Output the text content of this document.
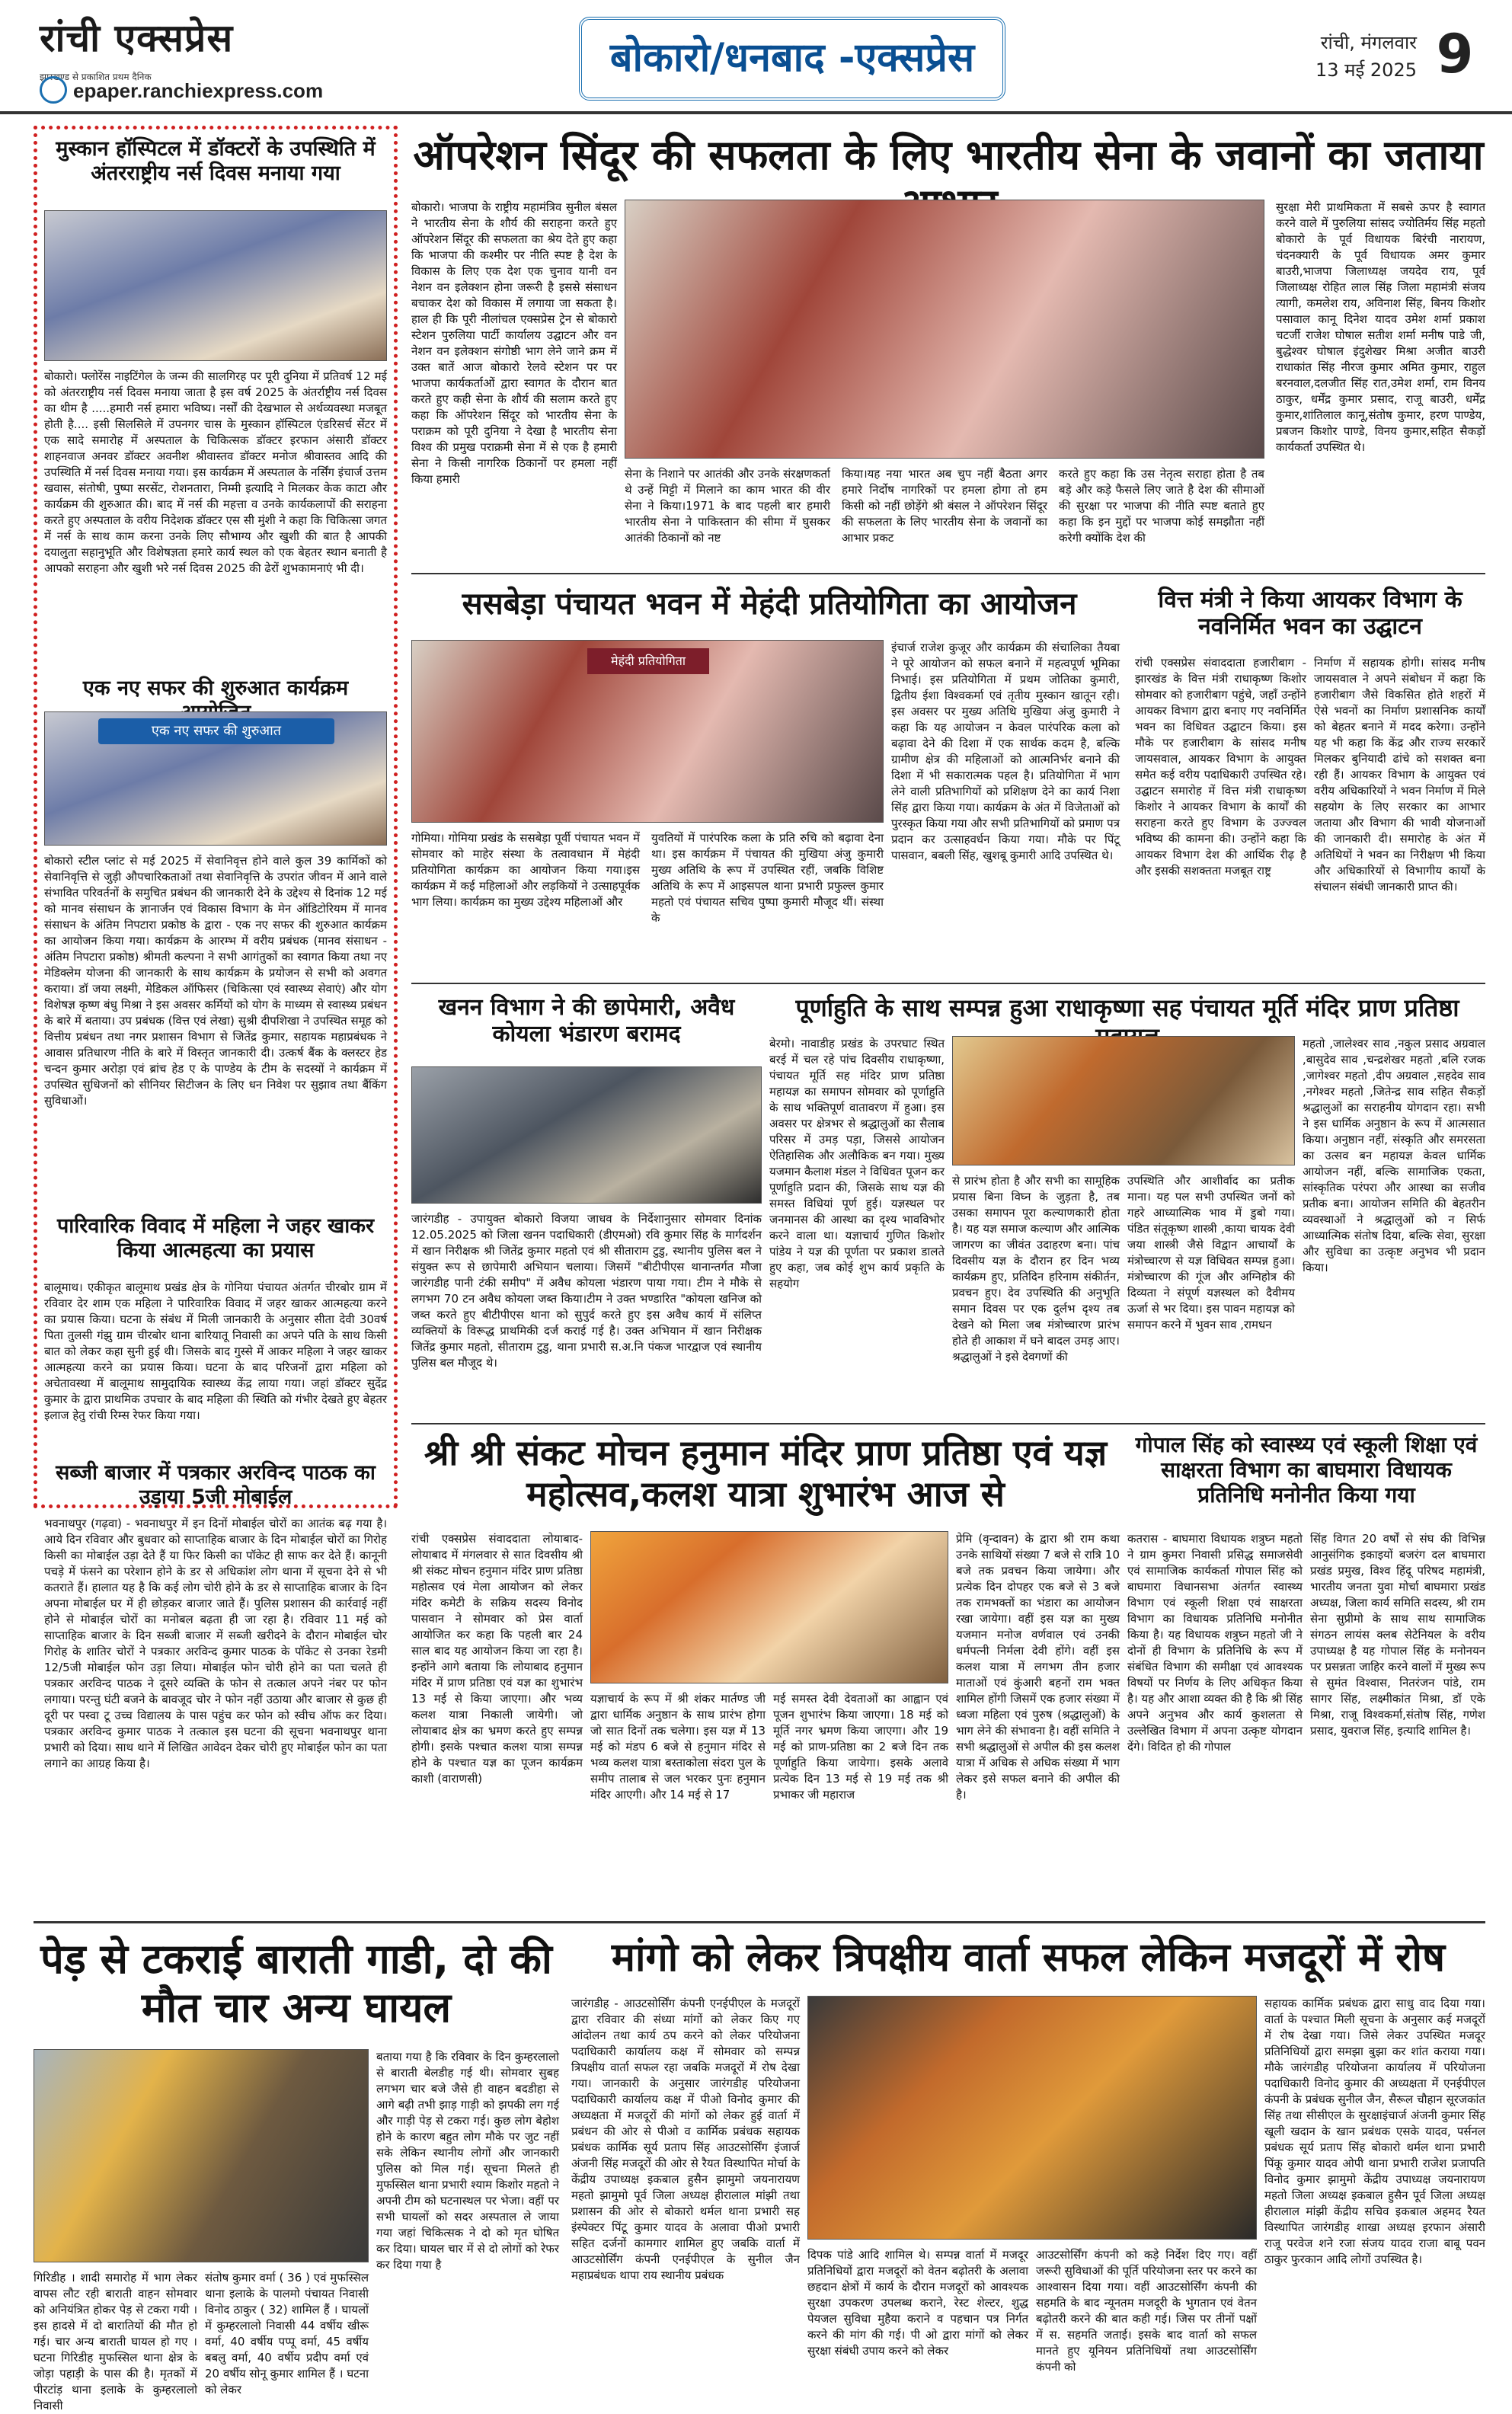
रांची एक्सप्रेस
झारखण्ड से प्रकाशित प्रथम दैनिक
epaper.ranchiexpress.com
बोकारो/धनबाद -एक्सप्रेस	रांची, मंगलवार
13 मई 2025 9
मुस्कान हॉस्पिटल में डॉक्टरों के उपस्थिति में अंतरराष्ट्रीय नर्स दिवस मनाया गया
बोकारो। फ्लोरेंस नाइटिंगेल के जन्म की सालगिरह पर पूरी दुनिया में प्रतिवर्ष 12 मई को अंतरराष्ट्रीय नर्स दिवस मनाया जाता है इस वर्ष 2025 के अंतर्राष्ट्रीय नर्स दिवस का थीम है .....हमारी नर्स हमारा भविष्य। नर्सों की देखभाल से अर्थव्यवस्था मजबूत होती है.... इसी सिलसिले में उपनगर चास के मुस्कान हॉस्पिटल एंडरिसर्च सेंटर में एक सादे समारोह में अस्पताल के चिकित्सक डॉक्टर इरफान अंसारी डॉक्टर शाहनवाज अनवर डॉक्टर अवनीश श्रीवास्तव डॉक्टर मनोज श्रीवास्तव आदि की उपस्थिति में नर्स दिवस मनाया गया। इस कार्यक्रम में अस्पताल के नर्सिंग इंचार्ज उत्तम खवास, संतोषी, पुष्पा सरसेंट, रोशनतारा, निम्मी इत्यादि ने मिलकर केक काटा और कार्यक्रम की शुरुआत की। बाद में नर्स की महत्ता व उनके कार्यकलापों की सराहना करते हुए अस्पताल के वरीय निदेशक डॉक्टर एस सी मुंशी ने कहा कि चिकित्सा जगत में नर्स के साथ काम करना उनके लिए सौभाग्य और खुशी की बात है आपकी दयालुता सहानुभूति और विशेषज्ञता हमारे कार्य स्थल को एक बेहतर स्थान बनाती है आपको सराहना और खुशी भरे नर्स दिवस 2025 की ढेरों शुभकामनाएं भी दी।
एक नए सफर की शुरुआत कार्यक्रम
एक नए सफर की शुरुआत
बोकारो स्टील प्लांट से मई 2025 में सेवानिवृत्त होने वाले कुल 39 कार्मिकों को सेवानिवृत्ति से जुड़ी औपचारिकताओं तथा सेवानिवृत्ति के उपरांत जीवन में आने वाले संभावित परिवर्तनों के समुचित प्रबंधन की जानकारी देने के उद्देश्य से दिनांक 12 मई को मानव संसाधन के ज्ञानार्जन एवं विकास विभाग के मेन ऑडिटोरियम में मानव संसाधन के अंतिम निपटारा प्रकोष्ठ के द्वारा - एक नए सफर की शुरुआत कार्यक्रम का आयोजन किया गया। कार्यक्रम के आरम्भ में वरीय प्रबंधक (मानव संसाधन - अंतिम निपटारा प्रकोष्ठ) श्रीमती कल्पना ने सभी आगंतुकों का स्वागत किया तथा नए मेडिक्लेम योजना की जानकारी के साथ कार्यक्रम के प्रयोजन से सभी को अवगत कराया। डॉ जया लक्ष्मी, मेडिकल ऑफिसर (चिकित्सा एवं स्वास्थ्य सेवाएं) और योग विशेषज्ञ कृष्ण बंधु मिश्रा ने इस अवसर कर्मियों को योग के माध्यम से स्वास्थ्य प्रबंधन के बारे में बताया। उप प्रबंधक (वित्त एवं लेखा) सुश्री दीपशिखा ने उपस्थित समूह को वित्तीय प्रबंधन तथा नगर प्रशासन विभाग से जितेंद्र कुमार, सहायक महाप्रबंधक ने आवास प्रतिधारण नीति के बारे में विस्तृत जानकारी दी। उत्कर्ष बैंक के क्लस्टर हेड चन्दन कुमार अरोड़ा एवं ब्रांच हेड ए के पाण्डेय के टीम के सदस्यों ने कार्यक्रम में उपस्थित सुधिजनों को सीनियर सिटीजन के लिए धन निवेश पर सुझाव तथा बैंकिंग सुविधाओं।
पारिवारिक विवाद में महिला ने जहर खाकर किया आत्महत्या का प्रयास
बालूमाथ। एकीकृत बालूमाथ प्रखंड क्षेत्र के गोनिया पंचायत अंतर्गत चीरबोर ग्राम में रविवार देर शाम एक महिला ने पारिवारिक विवाद में जहर खाकर आत्महत्या करने का प्रयास किया। घटना के संबंध में मिली जानकारी के अनुसार सीता देवी 30वर्ष पिता तुलसी गंझु ग्राम चीरबोर थाना बारियातू निवासी का अपने पति के साथ किसी बात को लेकर कहा सुनी हुई थी। जिसके बाद गुस्से में आकर महिला ने जहर खाकर आत्महत्या करने का प्रयास किया। घटना के बाद परिजनों द्वारा महिला को अचेतावस्था में बालूमाथ सामुदायिक स्वास्थ्य केंद्र लाया गया। जहां डॉक्टर सुदेंद्र कुमार के द्वारा प्राथमिक उपचार के बाद महिला की स्थिति को गंभीर देखते हुए बेहतर इलाज हेतु रांची रिम्स रेफर किया गया।
सब्जी बाजार में पत्रकार अरविन्द पाठक का उड़ाया 5जी मोबाईल
भवनाथपुर (गढ़वा) - भवनाथपुर में इन दिनों मोबाईल चोरों का आतंक बढ़ गया है।आये दिन रविवार और बुधवार को साप्ताहिक बाजार के दिन मोबाईल चोरों का गिरोह किसी का मोबाईल उड़ा देते हैं या फिर किसी का पॉकेट ही साफ कर देते हैं। कानूनी पचड़े में फंसने का परेशान होने के डर से अधिकांश लोग थाना में सूचना देने से भी कतराते हैं। हालात यह है कि कई लोग चोरी होने के डर से साप्ताहिक बाजार के दिन अपना मोबाईल घर में ही छोड़कर बाजार जाते हैं। पुलिस प्रशासन की कार्रवाई नहीं होने से मोबाईल चोरों का मनोबल बढ़ता ही जा रहा है। रविवार 11 मई को साप्ताहिक बाजार के दिन सब्जी बाजार में सब्जी खरीदने के दौरान मोबाईल चोर गिरोह के शातिर चोरों ने पत्रकार अरविन्द कुमार पाठक के पॉकेट से उनका रेडमी 12/5जी मोबाईल फोन उड़ा लिया। मोबाईल फोन चोरी होने का पता चलते ही पत्रकार अरविन्द पाठक ने दूसरे व्यक्ति के फोन से तत्काल अपने नंबर पर फोन लगाया। परन्तु घंटी बजने के बावजूद चोर ने फोन नहीं उठाया और बाजार से कुछ ही दूरी पर पस्वा टू उच्च विद्यालय के पास पहुंच कर फोन को स्वीच ऑफ कर दिया। पत्रकार अरविन्द कुमार पाठक ने तत्काल इस घटना की सूचना भवनाथपुर थाना प्रभारी को दिया। साथ थाने में लिखित आवेदन देकर चोरी हुए मोबाईल फोन का पता लगाने का आग्रह किया है।
ऑपरेशन सिंदूर की सफलता के लिए भारतीय सेना के जवानों का जताया
बोकारो। भाजपा के राष्ट्रीय महामंत्रिव सुनील बंसल ने भारतीय सेना के शौर्य की सराहना करते हुए ऑपरेशन सिंदूर की सफलता का श्रेय देते हुए कहा कि भाजपा की कश्मीर पर नीति स्पष्ट है देश के विकास के लिए एक देश एक चुनाव यानी वन नेशन वन इलेक्शन होना जरूरी है इससे संसाधन बचाकर देश को विकास में लगाया जा सकता है। हाल ही कि पूरी नीलांचल एक्सप्रेस ट्रेन से बोकारो स्टेशन पुरुलिया पार्टी कार्यालय उद्घाटन और वन नेशन वन इलेक्शन संगोष्ठी भाग लेने जाने क्रम में उक्त बातें आज बोकारो रेलवे स्टेशन पर पर भाजपा कार्यकर्ताओं द्वारा स्वागत के दौरान बात करते हुए कही सेना के शौर्य की सलाम करते हुए कहा कि ऑपरेशन सिंदूर को भारतीय सेना के पराक्रम को पूरी दुनिया ने देखा है भारतीय सेना विश्व की प्रमुख पराक्रमी सेना में से एक है हमारी सेना ने किसी नागरिक ठिकानों पर हमला नहीं किया हमारी	सेना के निशाने पर आतंकी और उनके संरक्षणकर्ता थे उन्हें मिट्टी में मिलाने का काम भारत की वीर सेना ने किया।1971 के बाद पहली बार हमारी भारतीय सेना ने पाकिस्तान की सीमा में घुसकर आतंकी ठिकानों को नष्ट
किया।यह नया भारत अब चुप नहीं बैठता अगर हमारे निर्दोष नागरिकों पर हमला होगा तो हम किसी को नहीं छोड़ेंगे श्री बंसल ने ऑपरेशन सिंदूर की सफलता के लिए भारतीय सेना के जवानों का आभार प्रकट
करते हुए कहा कि उस नेतृत्व सराहा होता है तब बड़े और कड़े फैसले लिए जाते है देश की सीमाओं की सुरक्षा पर भाजपा की नीति स्पष्ट बताते हुए कहा कि इन मुद्दों पर भाजपा कोई समझौता नहीं करेगी क्योंकि देश की
सुरक्षा मेरी प्राथमिकता में सबसे ऊपर है स्वागत करने वाले में पुरुलिया सांसद ज्योतिर्मय सिंह महतो बोकारो के पूर्व विधायक बिरंची नारायण, चंदनक्यारी के पूर्व विधायक अमर कुमार बाउरी,भाजपा जिलाध्यक्ष जयदेव राय, पूर्व जिलाध्यक्ष रोहित लाल सिंह जिला महामंत्री संजय त्यागी, कमलेश राय, अविनाश सिंह, बिनय किशोर पसावाल कानू दिनेश यादव उमेश शर्मा प्रकाश चटर्जी राजेश घोषाल सतीश शर्मा मनीष पाडे जी, बुद्धेश्वर घोषाल इंदुशेखर मिश्रा अजीत बाउरी राधाकांत सिंह नीरज कुमार अमित कुमार, राहुल बरनवाल,दलजीत सिंह रात,उमेश शर्मा, राम विनय ठाकुर, धर्मेंद्र कुमार प्रसाद, राजू बाउरी, धर्मेंद्र कुमार,शांतिलाल कानू,संतोष कुमार, हरण पाण्डेय, प्रबजन किशोर पाण्डे, विनय कुमार,सहित सैकड़ों कार्यकर्ता उपस्थित थे।
ससबेड़ा पंचायत भवन में मेहंदी प्रतियोगिता का आयोजन
मेहंदी प्रतियोगिता
गोमिया। गोमिया प्रखंड के ससबेड़ा पूर्वी पंचायत भवन में सोमवार को माहेर संस्था के तत्वावधान में मेहंदी प्रतियोगिता कार्यक्रम का आयोजन किया गया।इस कार्यक्रम में कई महिलाओं और लड़कियों ने उत्साहपूर्वक भाग लिया। कार्यक्रम का मुख्य उद्देश्य महिलाओं और
युवतियों में पारंपरिक कला के प्रति रुचि को बढ़ावा देना था। इस कार्यक्रम में पंचायत की मुखिया अंजु कुमारी मुख्य अतिथि के रूप में उपस्थित रहीं, जबकि विशिष्ट अतिथि के रूप में आइसपल थाना प्रभारी प्रफुल्ल कुमार महतो एवं पंचायत सचिव पुष्पा कुमारी मौजूद थीं। संस्था के
इंचार्ज राजेश कुजूर और कार्यक्रम की संचालिका तैयबा ने पूरे आयोजन को सफल बनाने में महत्वपूर्ण भूमिका निभाई। इस प्रतियोगिता में प्रथम जोतिका कुमारी, द्वितीय ईशा विश्वकर्मा एवं तृतीय मुस्कान खातून रही। इस अवसर पर मुख्य अतिथि मुखिया अंजु कुमारी ने कहा कि यह आयोजन न केवल पारंपरिक कला को बढ़ावा देने की दिशा में एक सार्थक कदम है, बल्कि ग्रामीण क्षेत्र की महिलाओं को आत्मनिर्भर बनाने की दिशा में भी सकारात्मक पहल है। प्रतियोगिता में भाग लेने वाली प्रतिभागियों को प्रशिक्षण देने का कार्य निशा सिंह द्वारा किया गया। कार्यक्रम के अंत में विजेताओं को पुरस्कृत किया गया और सभी प्रतिभागियों को प्रमाण पत्र प्रदान कर उत्साहवर्धन किया गया। मौके पर पिंटू पासवान, बबली सिंह, खुशबू कुमारी आदि उपस्थित थे।
वित्त मंत्री ने किया आयकर विभाग के नवनिर्मित भवन का उद्घाटन
रांची एक्सप्रेस संवाददाता हजारीबाग - झारखंड के वित्त मंत्री राधाकृष्ण किशोर सोमवार को हजारीबाग पहुंचे, जहाँ उन्होंने आयकर विभाग द्वारा बनाए गए नवनिर्मित भवन का विधिवत उद्घाटन किया। इस मौके पर हजारीबाग के सांसद मनीष जायसवाल, आयकर विभाग के आयुक्त समेत कई वरीय पदाधिकारी उपस्थित रहे। उद्घाटन समारोह में वित्त मंत्री राधाकृष्ण किशोर ने आयकर विभाग के कार्यों की सराहना करते हुए विभाग के उज्ज्वल भविष्य की कामना की। उन्होंने कहा कि आयकर विभाग देश की आर्थिक रीढ़ है और इसकी सशक्तता मजबूत राष्ट्र
निर्माण में सहायक होगी। सांसद मनीष जायसवाल ने अपने संबोधन में कहा कि हजारीबाग जैसे विकसित होते शहरों में ऐसे भवनों का निर्माण प्रशासनिक कार्यों को बेहतर बनाने में मदद करेगा। उन्होंने यह भी कहा कि केंद्र और राज्य सरकारें मिलकर बुनियादी ढांचे को सशक्त बना रही हैं। आयकर विभाग के आयुक्त एवं वरीय अधिकारियों ने भवन निर्माण में मिले सहयोग के लिए सरकार का आभार जताया और विभाग की भावी योजनाओं की जानकारी दी। समारोह के अंत में अतिथियों ने भवन का निरीक्षण भी किया और अधिकारियों से विभागीय कार्यों के संचालन संबंधी जानकारी प्राप्त की।
खनन विभाग ने की छापेमारी, अवैध कोयला भंडारण बरामद
जारंगडीह - उपायुक्त बोकारो विजया जाधव के निर्देशानुसार सोमवार दिनांक 12.05.2025 को जिला खनन पदाधिकारी (डीएमओ) रवि कुमार सिंह के मार्गदर्शन में खान निरीक्षक श्री जितेंद्र कुमार महतो एवं श्री सीताराम टुडु, स्थानीय पुलिस बल ने संयुक्त रूप से छापेमारी अभियान चलाया। जिसमें "बीटीपीएस थानान्तर्गत मौजा जारंगडीह पानी टंकी समीप" में अवैध कोयला भंडारण पाया गया। टीम ने मौके से लगभग 70 टन अवैध कोयला जब्त किया।टीम ने उक्त भण्डारित "कोयला खनिज को जब्त करते हुए बीटीपीएस थाना को सुपुर्द करते हुए इस अवैध कार्य में संलिप्त व्यक्तियों के विरूद्ध प्राथमिकी दर्ज कराई गई है। उक्त अभियान में खान निरीक्षक जितेंद्र कुमार महतो, सीताराम टुडु, थाना प्रभारी स.अ.नि पंकज भारद्वाज एवं स्थानीय पुलिस बल मौजूद थे।
पूर्णाहुति के साथ सम्पन्न हुआ राधाकृष्णा सह पंचायत मूर्ति मंदिर प्राण प्रतिष्ठा
बेरमो। नावाडीह प्रखंड के उपरघाट स्थित बरई में चल रहे पांच दिवसीय राधाकृष्णा, पंचायत मूर्ति सह मंदिर प्राण प्रतिष्ठा महायज्ञ का समापन सोमवार को पूर्णाहुति के साथ भक्तिपूर्ण वातावरण में हुआ। इस अवसर पर क्षेत्रभर से श्रद्धालुओं का सैलाब परिसर में उमड़ पड़ा, जिससे आयोजन ऐतिहासिक और अलौकिक बन गया। मुख्य यजमान कैलाश मंडल ने विधिवत पूजन कर पूर्णाहुति प्रदान की, जिसके साथ यज्ञ की समस्त विधियां पूर्ण हुई। यज्ञस्थल पर जनमानस की आस्था का दृश्य भावविभोर करने वाला था। यज्ञाचार्य गुणित किशोर पांडेय ने यज्ञ की पूर्णता पर प्रकाश डालते हुए कहा, जब कोई शुभ कार्य प्रकृति के सहयोग
से प्रारंभ होता है और सभी का सामूहिक प्रयास बिना विघ्न के जुड़ता है, तब उसका समापन पूरा कल्याणकारी होता है। यह यज्ञ समाज कल्याण और आत्मिक जागरण का जीवंत उदाहरण बना। पांच दिवसीय यज्ञ के दौरान हर दिन भव्य कार्यक्रम हुए, प्रतिदिन हरिनाम संकीर्तन, प्रवचन हुए। देव उपस्थिति की अनुभूति समान दिवस पर एक दुर्लभ दृश्य तब देखने को मिला जब मंत्रोच्चारण प्रारंभ होते ही आकाश में घने बादल उमड़ आए। श्रद्धालुओं ने इसे देवगणों की
उपस्थिति और आशीर्वाद का प्रतीक माना। यह पल सभी उपस्थित जनों को गहरे आध्यात्मिक भाव में डुबो गया। पंडित संतूकृष्ण शास्त्री ,काया चायक देवी जया शास्त्री जैसे विद्वान आचार्यों के मंत्रोच्चारण से यज्ञ विधिवत सम्पन्न हुआ। मंत्रोच्चारण की गूंज और अग्निहोत्र की दिव्यता ने संपूर्ण यज्ञस्थल को दैवीमय ऊर्जा से भर दिया। इस पावन महायज्ञ को समापन करने में भुवन साव ,रामधन
महतो ,जालेश्वर साव ,नकुल प्रसाद अग्रवाल ,बासुदेव साव ,चन्द्रशेखर महतो ,बलि रजक ,जागेश्वर महतो ,दीप अग्रवाल ,सहदेव साव ,नगेश्वर महतो ,जितेन्द्र साव सहित सैकड़ों श्रद्धालुओं का सराहनीय योगदान रहा। सभी ने इस धार्मिक अनुष्ठान के रूप में आत्मसात किया। अनुष्ठान नहीं, संस्कृति और समरसता का उत्सव बन महायज्ञ केवल धार्मिक आयोजन नहीं, बल्कि सामाजिक एकता, सांस्कृतिक परंपरा और आस्था का सजीव प्रतीक बना। आयोजन समिति की बेहतरीन व्यवस्थाओं ने श्रद्धालुओं को न सिर्फ आध्यात्मिक संतोष दिया, बल्कि सेवा, सुरक्षा और सुविधा का उत्कृष्ट अनुभव भी प्रदान किया।
श्री श्री संकट मोचन हनुमान मंदिर प्राण प्रतिष्ठा एवं यज्ञ महोत्सव,कलश यात्रा शुभारंभ आज से
रांची एक्सप्रेस संवाददाता लोयाबाद- लोयाबाद में मंगलवार से सात दिवसीय श्री श्री संकट मोचन हनुमान मंदिर प्राण प्रतिष्ठा महोत्सव एवं मेला आयोजन को लेकर मंदिर कमेटी के सक्रिय सदस्य विनोद पासवान ने सोमवार को प्रेस वार्ता आयोजित कर कहा कि पहली बार 24 साल बाद यह आयोजन किया जा रहा है। इन्होंने आगे बताया कि लोयाबाद हनुमान मंदिर में प्राण प्रतिष्ठा एवं यज्ञ का शुभारंभ 13 मई से किया जाएगा। और भव्य कलश यात्रा निकाली जायेगी। जो लोयाबाद क्षेत्र का भ्रमण करते हुए सम्पन्न होगी। इसके पश्चात कलश यात्रा सम्पन्न होने के पश्चात यज्ञ का पूजन कार्यक्रम काशी (वाराणसी)
यज्ञाचार्य के रूप में श्री शंकर मार्तण्ड जी द्वारा धार्मिक अनुष्ठान के साथ प्रारंभ होगा जो सात दिनों तक चलेगा। इस यज्ञ में 13 मई को मंडप 6 बजे से हनुमान मंदिर से भव्य कलश यात्रा बस्ताकोला संदरा पुल के समीप तालाब से जल भरकर पुनः हनुमान मंदिर आएगी। और 14 मई से 17
मई समस्त देवी देवताओं का आह्वान एवं पूजन शुभारंभ किया जाएगा। 18 मई को मूर्ति नगर भ्रमण किया जाएगा। और 19 मई को प्राण-प्रतिष्ठा का 2 बजे दिन तक पूर्णाहुति किया जायेगा। इसके अलावे प्रत्येक दिन 13 मई से 19 मई तक श्री प्रभाकर जी महाराज
प्रेमि (वृन्दावन) के द्वारा श्री राम कथा उनके साथियों संख्या 7 बजे से रात्रि 10 बजे तक प्रवचन किया जायेगा। और प्रत्येक दिन दोपहर एक बजे से 3 बजे तक रामभक्तों का भंडारा का आयोजन रखा जायेगा। वहीं इस यज्ञ का मुख्य यजमान मनोज वर्णवाल एवं उनकी धर्मपत्नी निर्मला देवी होंगे। वहीं इस कलश यात्रा में लगभग तीन हजार माताओं एवं कुंआरी बहनों राम भक्त शामिल होंगी जिसमें एक हजार संख्या में ध्वजा महिला एवं पुरुष (श्रद्धालुओं) के भाग लेने की संभावना है। वहीं समिति ने सभी श्रद्धालुओं से अपील की इस कलश यात्रा में अधिक से अधिक संख्या में भाग लेकर इसे सफल बनाने की अपील की है।
गोपाल सिंह को स्वास्थ्य एवं स्कूली शिक्षा एवं साक्षरता विभाग का बाघमारा विधायक प्रतिनिधि मनोनीत किया गया
कतरास - बाघमारा विधायक शत्रुघ्न महतो ने ग्राम कुमरा निवासी प्रसिद्ध समाजसेवी एवं सामाजिक कार्यकर्ता गोपाल सिंह को बाघमारा विधानसभा अंतर्गत स्वास्थ्य विभाग एवं स्कूली शिक्षा एवं साक्षरता विभाग का विधायक प्रतिनिधि मनोनीत किया है। यह विधायक शत्रुघ्न महतो जी ने दोनों ही विभाग के प्रतिनिधि के रूप में संबंधित विभाग की समीक्षा एवं आवश्यक विषयों पर निर्णय के लिए अधिकृत किया है। यह और आशा व्यक्त की है कि श्री सिंह अपने अनुभव और कार्य कुशलता से उल्लेखित विभाग में अपना उत्कृष्ट योगदान देंगे। विदित हो की गोपाल
सिंह विगत 20 वर्षों से संघ की विभिन्न आनुसंगिक इकाइयों बजरंग दल बाघमारा प्रखंड प्रमुख, विश्व हिंदू परिषद महामंत्री, भारतीय जनता युवा मोर्चा बाघमारा प्रखंड अध्यक्ष, जिला कार्य समिति सदस्य, श्री राम सेना सुप्रीमो के साथ साथ सामाजिक संगठन लायंस क्लब सेटेनियल के वरीय उपाध्यक्ष है यह गोपाल सिंह के मनोनयन पर प्रसन्नता जाहिर करने वालों में मुख्य रूप से सुमंत विश्वास, नितरंजन पांडे, राम सागर सिंह, लक्ष्मीकांत मिश्रा, डॉ एके मिश्रा, राजू विश्वकर्मा,संतोष सिंह, गणेश प्रसाद, युवराज सिंह, इत्यादि शामिल है।
पेड़ से टकराई बाराती गाडी, दो की मौत चार अन्य घायल
गिरिडीह । शादी समारोह में भाग लेकर वापस लौट रही बाराती वाहन सोमवार को अनियंत्रित होकर पेड़ से टकरा गयी । इस हादसे में दो बारातियों की मौत हो गई। चार अन्य बाराती घायल हो गए । घटना गिरिडीह मुफस्सिल थाना क्षेत्र के जोड़ा पहाड़ी के पास की है। मृतकों में पीरटांड़ थाना इलाके के कुम्हरलालो निवासी
संतोष कुमार वर्मा ( 36 ) एवं मुफस्सिल थाना इलाके के पालमो पंचायत निवासी विनोद ठाकुर ( 32) शामिल हैं । घायलों में कुम्हरलालो निवासी 44 वर्षीय खीरू वर्मा, 40 वर्षीय पप्पू वर्मा, 45 वर्षीय बबलु वर्मा, 40 वर्षीय प्रदीप वर्मा एवं 20 वर्षीय सोनू कुमार शामिल हैं । घटना को लेकर
बताया गया है कि रविवार के दिन कुम्हरलालो से बाराती बेलडीह गई थी। सोमवार सुबह लगभग चार बजे जैसे ही वाहन बदडीहा से आगे बढ़ी तभी झाड़ गाड़ी को झपकी लग गई और गाड़ी पेड़ से टकरा गई। कुछ लोग बेहोश होने के कारण बहुत लोग मौके पर जुट नहीं सके लेकिन स्थानीय लोगों और जानकारी पुलिस को मिल गई। सूचना मिलते ही मुफस्सिल थाना प्रभारी श्याम किशोर महतो ने अपनी टीम को घटनास्थल पर भेजा। वहीं पर सभी घायलों को सदर अस्पताल ले जाया गया जहां चिकित्सक ने दो को मृत घोषित कर दिया। घायल चार में से दो लोगों को रेफर कर दिया गया है
मांगो को लेकर त्रिपक्षीय वार्ता सफल लेकिन मजदूरों में रोष
जारंगडीह - आउटसोर्सिंग कंपनी एनईपीएल के मजदूरों द्वारा रविवार की संध्या मांगों को लेकर किए गए आंदोलन तथा कार्य ठप करने को लेकर परियोजना पदाधिकारी कार्यालय कक्ष में सोमवार को सम्पन्न त्रिपक्षीय वार्ता सफल रहा जबकि मजदूरों में रोष देखा गया। जानकारी के अनुसार जारंगडीह परियोजना पदाधिकारी कार्यालय कक्ष में पीओ विनोद कुमार की अध्यक्षता में मजदूरों की मांगों को लेकर हुई वार्ता में प्रबंधन की ओर से पीओ व कार्मिक प्रबंधक सहायक प्रबंधक कार्मिक सूर्य प्रताप सिंह आउटसोर्सिंग इंजार्ज अंजनी सिंह मजदूरों की ओर से रैयत विस्थापित मोर्चा के केंद्रीय उपाध्यक्ष इकबाल हुसैन झामुमो जयनारायण महतो झामुमो पूर्व जिला अध्यक्ष हीरालाल मांझी तथा प्रशासन की ओर से बोकारो थर्मल थाना प्रभारी सह इंस्पेक्टर पिंटू कुमार यादव के अलावा पीओ प्रभारी सहित दर्जनों कामगार शामिल हुए जबकि वार्ता में आउटसोर्सिंग कंपनी एनईपीएल के सुनील जैन महाप्रबंधक थापा राय स्थानीय प्रबंधक
दिपक पांडे आदि शामिल थे। सम्पन्न वार्ता में मजदूर प्रतिनिधियों द्वारा मजदूरों को वेतन बढ़ोतरी के अलावा छहदान क्षेत्रों में कार्य के दौरान मजदूरों को आवश्यक सुरक्षा उपकरण उपलब्ध कराने, रेस्ट शेल्टर, शुद्ध पेयजल सुविधा मुहैया कराने व पहचान पत्र निर्गत करने की मांग की गई। पी ओ द्वारा मांगों को लेकर सुरक्षा संबंधी उपाय करने को लेकर
आउटसोर्सिंग कंपनी को कड़े निर्देश दिए गए। वहीं जरूरी सुविधाओं की पूर्ति परियोजना स्तर पर करने का आश्वासन दिया गया। वहीं आउटसोर्सिंग कंपनी की सहमति के बाद न्यूनतम मजदूरी के भुगतान एवं वेतन बढ़ोतरी करने की बात कही गई। जिस पर तीनों पक्षों में स. सहमति जताई। इसके बाद वार्ता को सफल मानते हुए यूनियन प्रतिनिधियों तथा आउटसोर्सिंग कंपनी को
सहायक कार्मिक प्रबंधक द्वारा साधु वाद दिया गया। वार्ता के पश्चात मिली सूचना के अनुसार कई मजदूरों में रोष देखा गया। जिसे लेकर उपस्थित मजदूर प्रतिनिधियों द्वारा समझा बुझा कर शांत कराया गया। मौके जारंगडीह परियोजना कार्यालय में परियोजना पदाधिकारी विनोद कुमार की अध्यक्षता में एनईपीएल कंपनी के प्रबंधक सुनील जैन, सैरूल चौहान सूरजकांत सिंह तथा सीसीएल के सुरक्षाइंचार्ज अंजनी कुमार सिंह खूली खदान के खान प्रबंधक एसके यादव, पर्सनल प्रबंधक सूर्य प्रताप सिंह बोकारो थर्मल थाना प्रभारी पिंकू कुमार यादव ओपी थाना प्रभारी राजेश प्रजापति विनोद कुमार झामुमो केंद्रीय उपाध्यक्ष जयनारायण महतो जिला अध्यक्ष इकबाल हुसैन पूर्व जिला अध्यक्ष हीरालाल मांझी केंद्रीय सचिव इकबाल अहमद रैयत विस्थापित जारंगडीह शाखा अध्यक्ष इरफान अंसारी राजू परवेज शने रजा संजय यादव राजा बाबू पवन ठाकुर फुरकान आदि लोगों उपस्थित है।
